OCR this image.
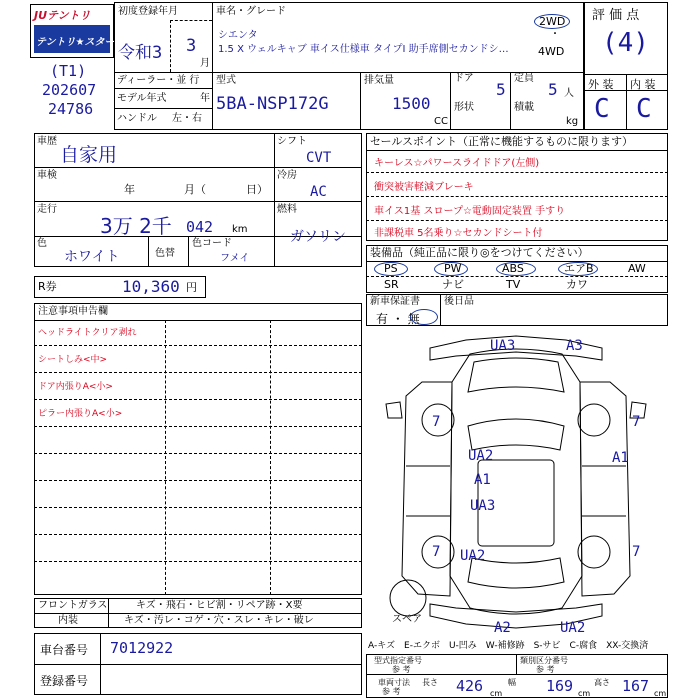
JUテントリ
テントリ★スター
(T1)
202607
24786
初度登録年月
令和3 3
月
車名・グレード
シエンタ
1.5 X ウェルキャブ 車イス仕様車 タイプⅠ 助手席側セカンドシ…
2WD
・
4WD
評 価 点
(4)
外 装 内 装
C C
ディーラー・並 行
モデル年式	年
ハンドル 左・右
型式
5BA-NSP172G
排気量
1500
CC
ドア
5
形状
定員
5 人
積載
kg
車歴
自家用
車検
年	月（	日）
走行
3万 2千 042 km
シフト
CVT
冷房
AC
燃料
ガソリン
色
ホワイト	色替
色コード
フメイ
R券	10,360 円
セールスポイント（正常に機能するものに限ります）
キーレス☆パワースライドドア(左側)
衝突被害軽減ブレーキ
車イス1基 スロープ☆電動固定装置 手すり
非課税車 5名乗り☆セカンドシート付
装備品（純正品に限り◎をつけてください）
PS	PW	ABS	エアB	AW
SR	ナビ	TV	カワ
新車保証書
有 ・ 無
後日品
注意事項申告欄
ヘッドライトクリア剥れ
シートしみ<中>
ドア内張りA<小>
ピラー内張りA<小>
フロントガラス	キズ・飛石・ヒビ割・リペア跡・X要
内装	キズ・汚レ・コゲ・穴・スレ・キレ・破レ
車台番号 7012922
登録番号
スペア
UA3	A3
7	7
UA2	A1
A1
UA3
7 UA2	7
A2	UA2
A-キズ　E-エクボ　U-凹み　W-補修跡　S-サビ　C-腐食　XX-交換済
型式指定番号
参 考
類別区分番号
参 考
車両寸法
参 考
長さ 426 cm
幅 169 cm
高さ 167 cm
